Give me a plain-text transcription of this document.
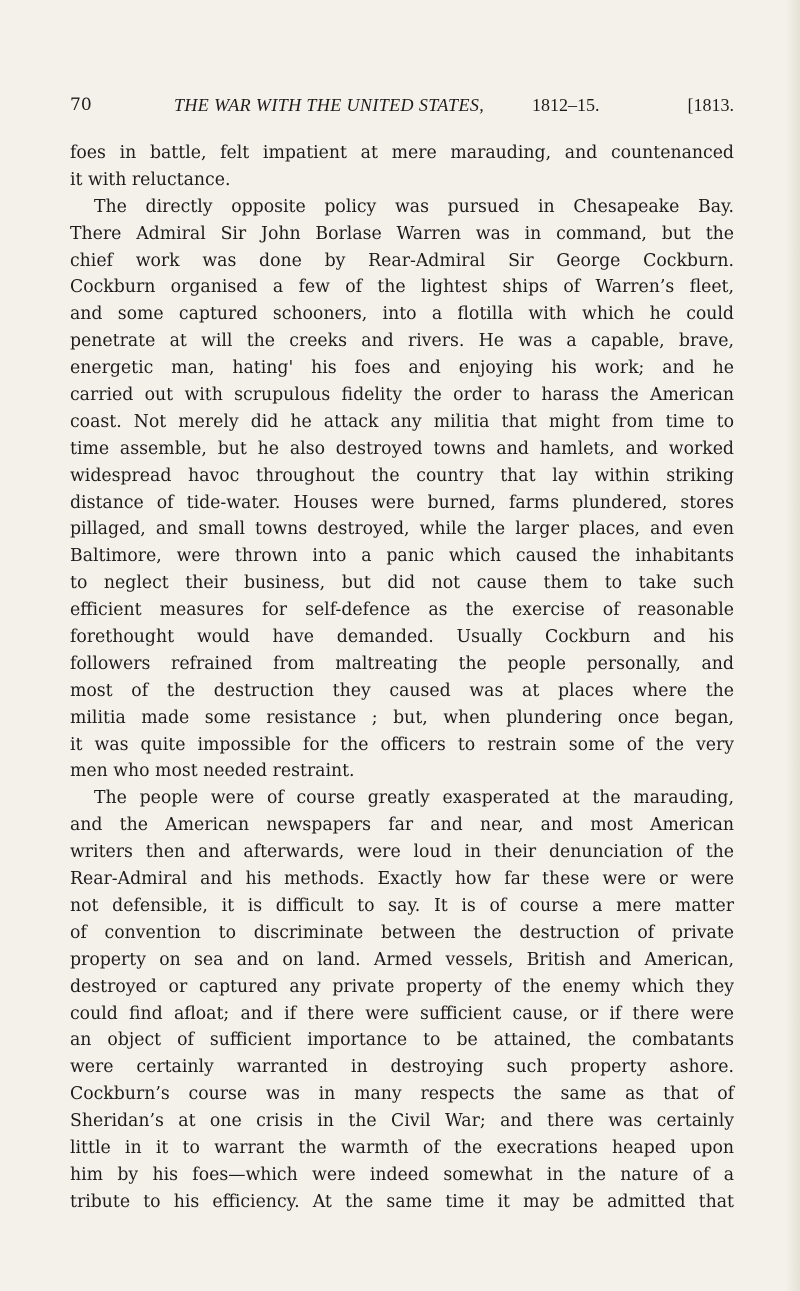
70	THE WAR WITH THE UNITED STATES,	1812–15.	[1813.
foes in battle, felt impatient at mere marauding, and countenanced
it with reluctance.
The directly opposite policy was pursued in Chesapeake Bay.
There Admiral Sir John Borlase Warren was in command, but the
chief work was done by Rear-Admiral Sir George Cockburn.
Cockburn organised a few of the lightest ships of Warren’s fleet,
and some captured schooners, into a flotilla with which he could
penetrate at will the creeks and rivers. He was a capable, brave,
energetic man, hating' his foes and enjoying his work; and he
carried out with scrupulous fidelity the order to harass the American
coast. Not merely did he attack any militia that might from time to
time assemble, but he also destroyed towns and hamlets, and worked
widespread havoc throughout the country that lay within striking
distance of tide-water. Houses were burned, farms plundered, stores
pillaged, and small towns destroyed, while the larger places, and even
Baltimore, were thrown into a panic which caused the inhabitants
to neglect their business, but did not cause them to take such
efficient measures for self-defence as the exercise of reasonable
forethought would have demanded. Usually Cockburn and his
followers refrained from maltreating the people personally, and
most of the destruction they caused was at places where the
militia made some resistance ; but, when plundering once began,
it was quite impossible for the officers to restrain some of the very
men who most needed restraint.
The people were of course greatly exasperated at the marauding,
and the American newspapers far and near, and most American
writers then and afterwards, were loud in their denunciation of the
Rear-Admiral and his methods. Exactly how far these were or were
not defensible, it is difficult to say. It is of course a mere matter
of convention to discriminate between the destruction of private
property on sea and on land. Armed vessels, British and American,
destroyed or captured any private property of the enemy which they
could find afloat; and if there were sufficient cause, or if there were
an object of sufficient importance to be attained, the combatants
were certainly warranted in destroying such property ashore.
Cockburn’s course was in many respects the same as that of
Sheridan’s at one crisis in the Civil War; and there was certainly
little in it to warrant the warmth of the execrations heaped upon
him by his foes—which were indeed somewhat in the nature of a
tribute to his efficiency. At the same time it may be admitted that
